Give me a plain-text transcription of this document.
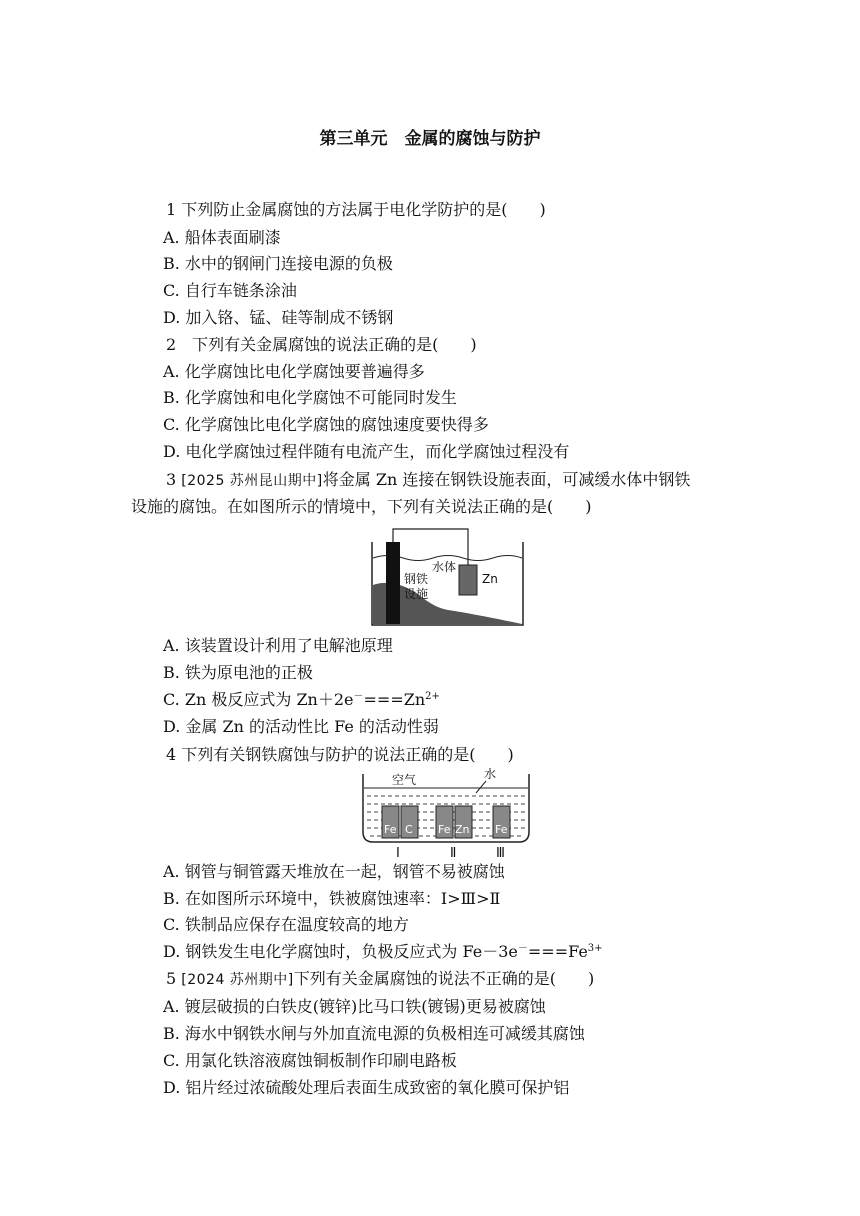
第三单元　金属的腐蚀与防护
1 下列防止金属腐蚀的方法属于电化学防护的是(　　)
A. 船体表面刷漆
B. 水中的钢闸门连接电源的负极
C. 自行车链条涂油
D. 加入铬、锰、硅等制成不锈钢
2　下列有关金属腐蚀的说法正确的是(　　)
A. 化学腐蚀比电化学腐蚀要普遍得多
B. 化学腐蚀和电化学腐蚀不可能同时发生
C. 化学腐蚀比电化学腐蚀的腐蚀速度要快得多
D. 电化学腐蚀过程伴随有电流产生，而化学腐蚀过程没有
3 [2025 苏州昆山期中]将金属 Zn 连接在钢铁设施表面，可减缓水体中钢铁
设施的腐蚀。在如图所示的情境中，下列有关说法正确的是(　　)
水体
Zn
钢铁
设施
A. 该装置设计利用了电解池原理
B. 铁为原电池的正极
C. Zn 极反应式为 $Zn+2e^-===Zn^{2+}$
D. 金属 Zn 的活动性比 Fe 的活动性弱
4 下列有关钢铁腐蚀与防护的说法正确的是(　　)
空气	水
Fe C Fe Zn Fe
Ⅰ	Ⅱ	Ⅲ
A. 钢管与铜管露天堆放在一起，钢管不易被腐蚀
B. 在如图所示环境中，铁被腐蚀速率：Ⅰ>Ⅲ>Ⅱ
C. 铁制品应保存在温度较高的地方
D. 钢铁发生电化学腐蚀时，负极反应式为 $Fe-3e^-===Fe^{3+}$
5 [2024 苏州期中]下列有关金属腐蚀的说法不正确的是(　　)
A. 镀层破损的白铁皮(镀锌)比马口铁(镀锡)更易被腐蚀
B. 海水中钢铁水闸与外加直流电源的负极相连可减缓其腐蚀
C. 用氯化铁溶液腐蚀铜板制作印刷电路板
D. 铝片经过浓硫酸处理后表面生成致密的氧化膜可保护铝
